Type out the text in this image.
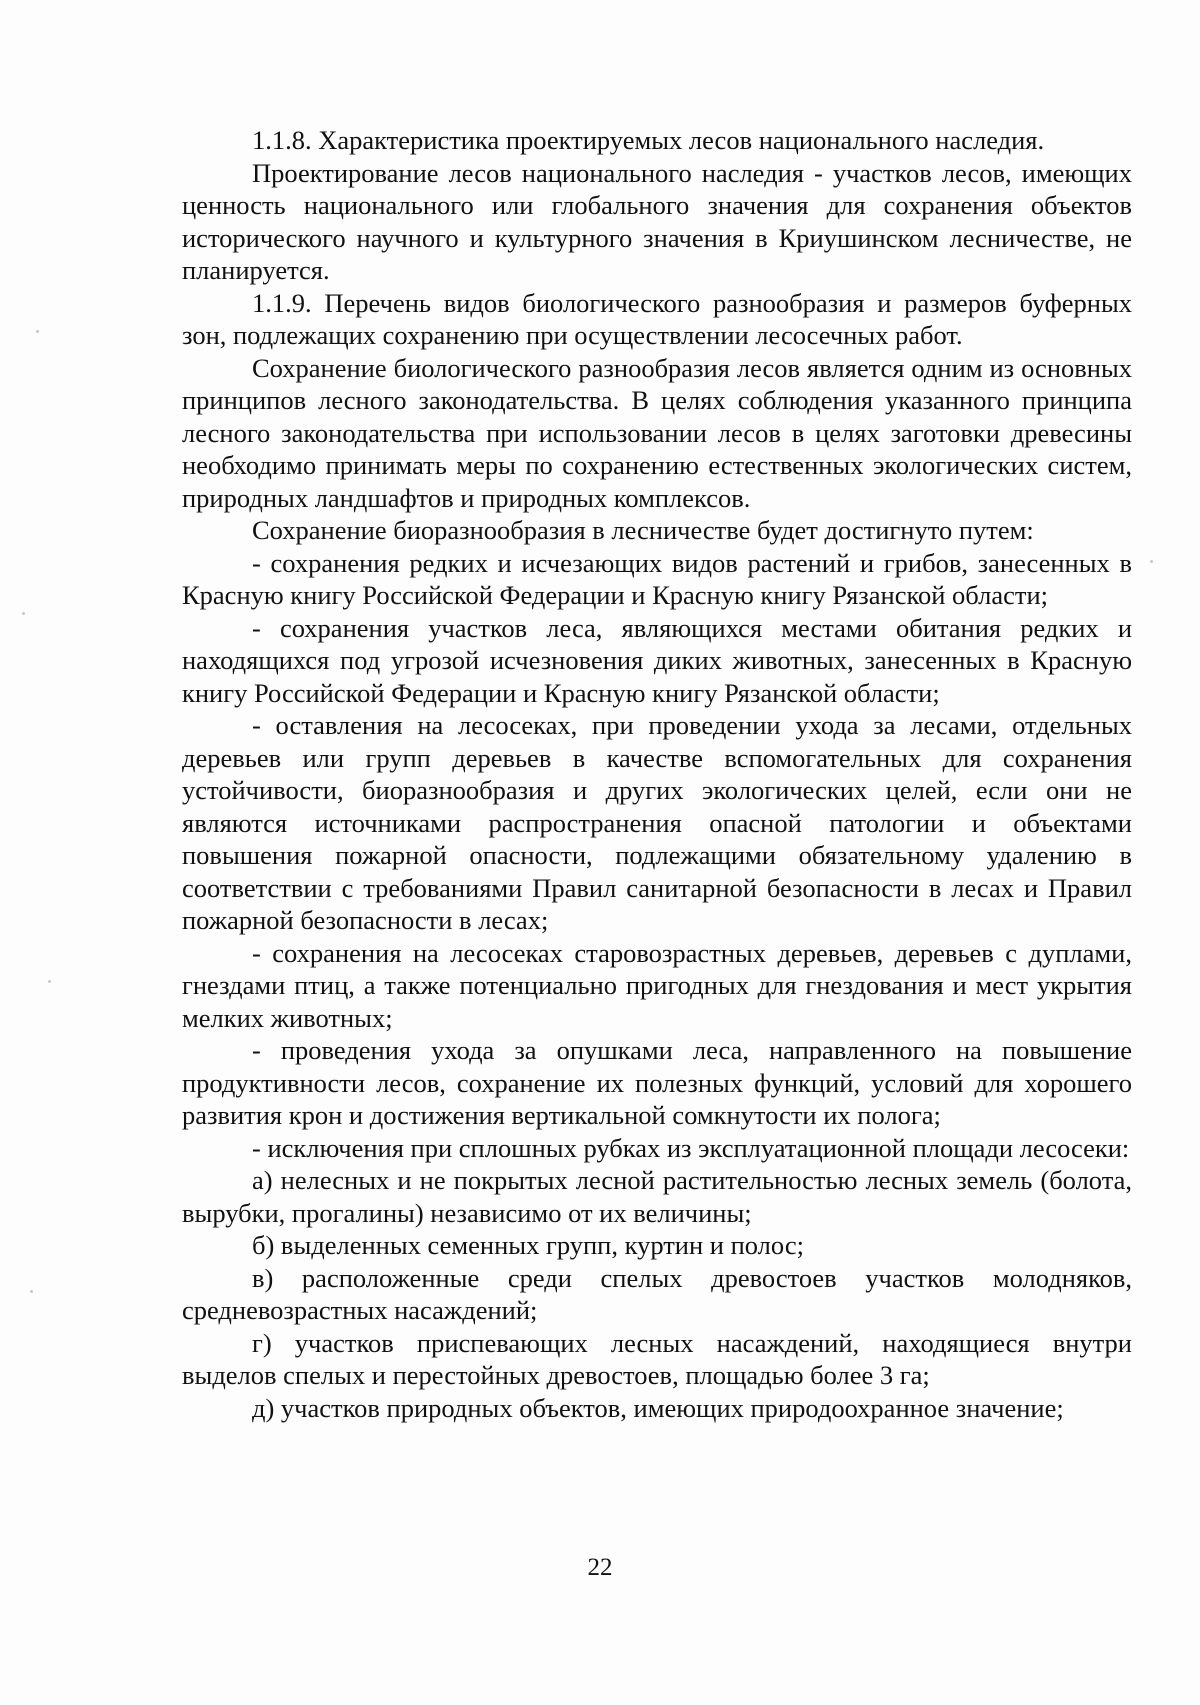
1.1.8. Характеристика проектируемых лесов национального наследия.

Проектирование лесов национального наследия - участков лесов, имеющих ценность национального или глобального значения для сохранения объектов исторического научного и культурного значения в Криушинском лесничестве, не планируется.

1.1.9. Перечень видов биологического разнообразия и размеров буферных зон, подлежащих сохранению при осуществлении лесосечных работ.

Сохранение биологического разнообразия лесов является одним из основных принципов лесного законодательства. В целях соблюдения указанного принципа лесного законодательства при использовании лесов в целях заготовки древесины необходимо принимать меры по сохранению естественных экологических систем, природных ландшафтов и природных комплексов.

Сохранение биоразнообразия в лесничестве будет достигнуто путем:

- сохранения редких и исчезающих видов растений и грибов, занесенных в Красную книгу Российской Федерации и Красную книгу Рязанской области;

- сохранения участков леса, являющихся местами обитания редких и находящихся под угрозой исчезновения диких животных, занесенных в Красную книгу Российской Федерации и Красную книгу Рязанской области;

- оставления на лесосеках, при проведении ухода за лесами, отдельных деревьев или групп деревьев в качестве вспомогательных для сохранения устойчивости, биоразнообразия и других экологических целей, если они не являются источниками распространения опасной патологии и объектами повышения пожарной опасности, подлежащими обязательному удалению в соответствии с требованиями Правил санитарной безопасности в лесах и Правил пожарной безопасности в лесах;

- сохранения на лесосеках старовозрастных деревьев, деревьев с дуплами, гнездами птиц, а также потенциально пригодных для гнездования и мест укрытия мелких животных;

- проведения ухода за опушками леса, направленного на повышение продуктивности лесов, сохранение их полезных функций, условий для хорошего развития крон и достижения вертикальной сомкнутости их полога;

- исключения при сплошных рубках из эксплуатационной площади лесосеки:

а) нелесных и не покрытых лесной растительностью лесных земель (болота, вырубки, прогалины) независимо от их величины;

б) выделенных семенных групп, куртин и полос;

в) расположенные среди спелых древостоев участков молодняков, средневозрастных насаждений;

г) участков приспевающих лесных насаждений, находящиеся внутри выделов спелых и перестойных древостоев, площадью более 3 га;

д) участков природных объектов, имеющих природоохранное значение;

22
